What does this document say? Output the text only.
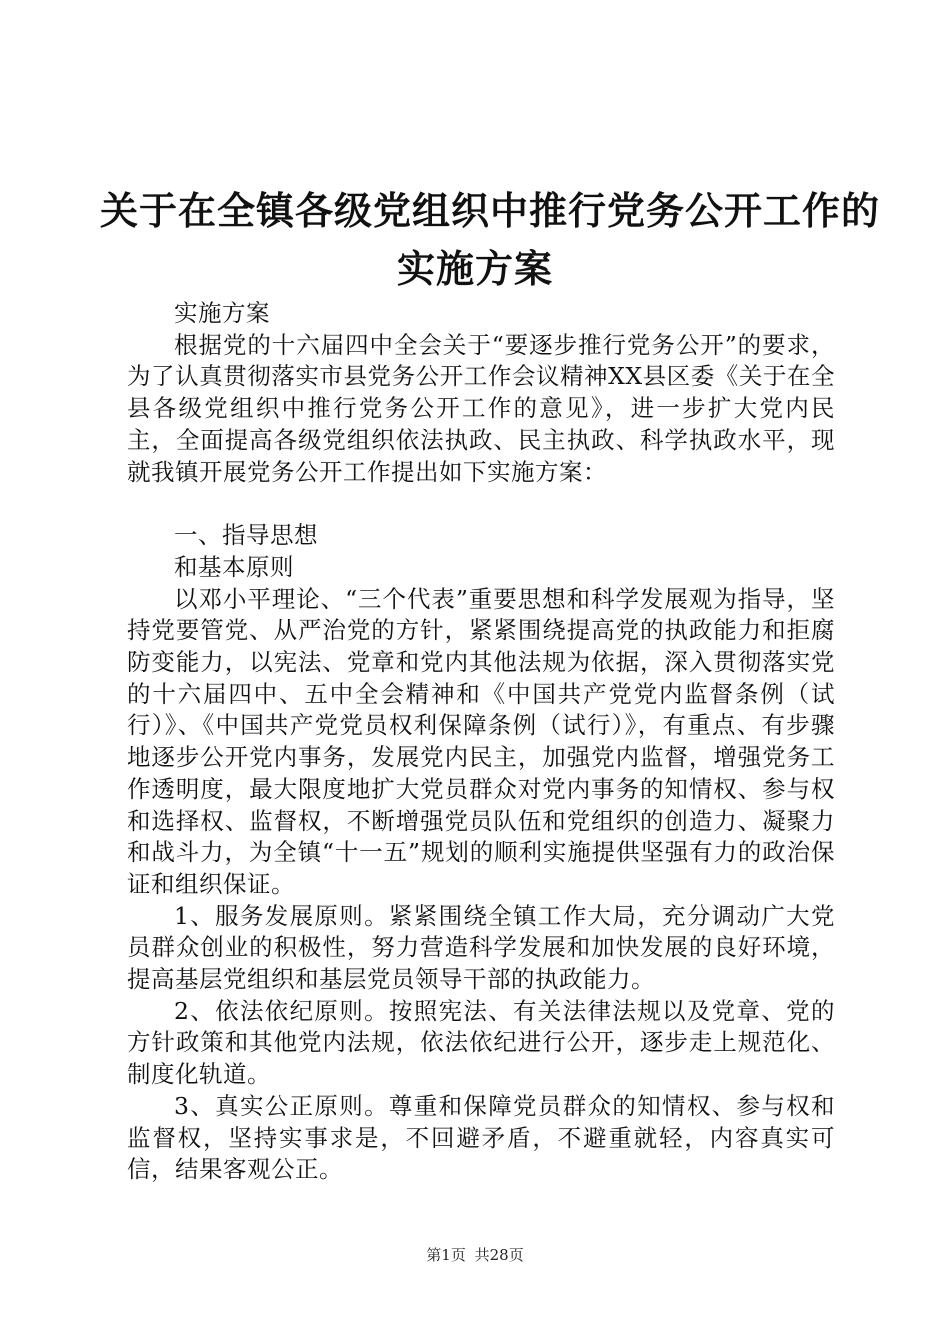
关于在全镇各级党组织中推行党务公开工作的
实施方案

实施方案

根据党的十六届四中全会关于“要逐步推行党务公开”的要求，为了认真贯彻落实市县党务公开工作会议精神XX县区委《关于在全县各级党组织中推行党务公开工作的意见》，进一步扩大党内民主，全面提高各级党组织依法执政、民主执政、科学执政水平，现就我镇开展党务公开工作提出如下实施方案：

一、指导思想

和基本原则

以邓小平理论、“三个代表”重要思想和科学发展观为指导，坚持党要管党、从严治党的方针，紧紧围绕提高党的执政能力和拒腐防变能力，以宪法、党章和党内其他法规为依据，深入贯彻落实党的十六届四中、五中全会精神和《中国共产党党内监督条例（试行）》、《中国共产党党员权利保障条例（试行）》，有重点、有步骤地逐步公开党内事务，发展党内民主，加强党内监督，增强党务工作透明度，最大限度地扩大党员群众对党内事务的知情权、参与权和选择权、监督权，不断增强党员队伍和党组织的创造力、凝聚力和战斗力，为全镇“十一五”规划的顺利实施提供坚强有力的政治保证和组织保证。

1、服务发展原则。紧紧围绕全镇工作大局，充分调动广大党员群众创业的积极性，努力营造科学发展和加快发展的良好环境，提高基层党组织和基层党员领导干部的执政能力。

2、依法依纪原则。按照宪法、有关法律法规以及党章、党的方针政策和其他党内法规，依法依纪进行公开，逐步走上规范化、制度化轨道。

3、真实公正原则。尊重和保障党员群众的知情权、参与权和监督权，坚持实事求是，不回避矛盾，不避重就轻，内容真实可信，结果客观公正。

第1页 共28页
